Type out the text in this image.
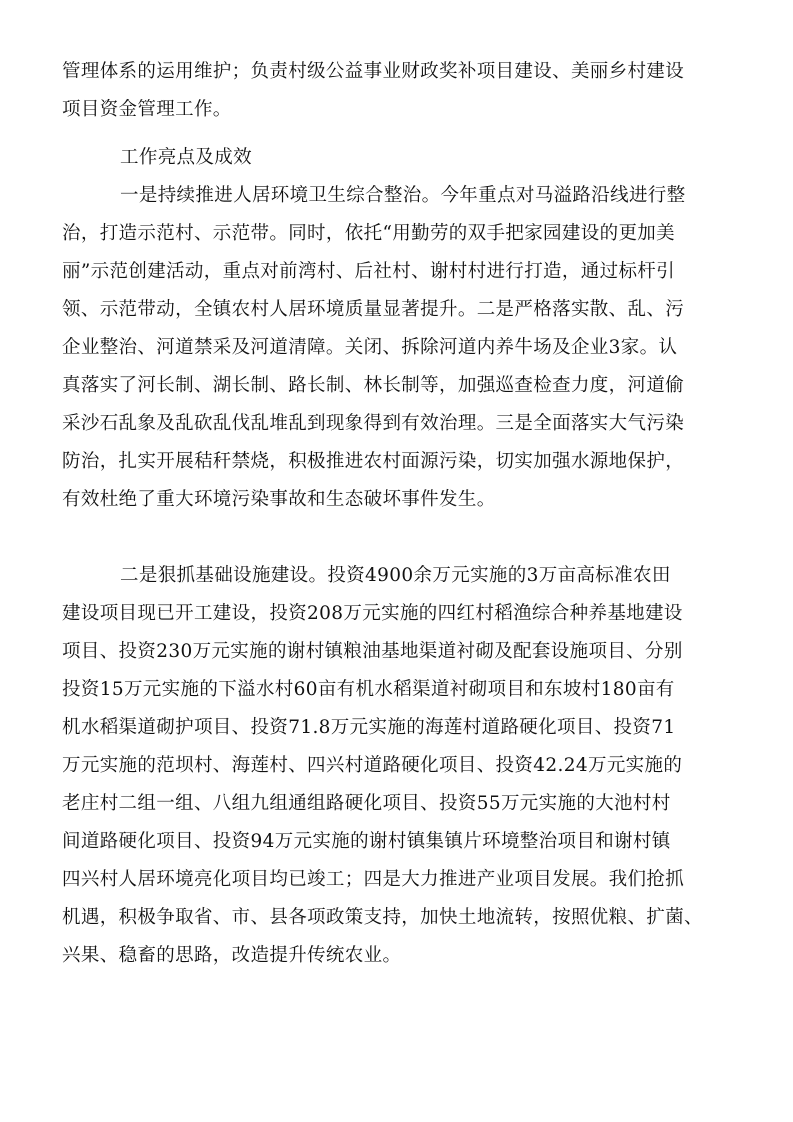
管理体系的运用维护；负责村级公益事业财政奖补项目建设、美丽乡村建设
项目资金管理工作。
工作亮点及成效
一是持续推进人居环境卫生综合整治。今年重点对马溢路沿线进行整
治，打造示范村、示范带。同时，依托“用勤劳的双手把家园建设的更加美
丽”示范创建活动，重点对前湾村、后社村、谢村村进行打造，通过标杆引
领、示范带动，全镇农村人居环境质量显著提升。二是严格落实散、乱、污
企业整治、河道禁采及河道清障。关闭、拆除河道内养牛场及企业3家。认
真落实了河长制、湖长制、路长制、林长制等，加强巡查检查力度，河道偷
采沙石乱象及乱砍乱伐乱堆乱到现象得到有效治理。三是全面落实大气污染
防治，扎实开展秸秆禁烧，积极推进农村面源污染，切实加强水源地保护，
有效杜绝了重大环境污染事故和生态破坏事件发生。
二是狠抓基础设施建设。投资4900余万元实施的3万亩高标准农田
建设项目现已开工建设，投资208万元实施的四红村稻渔综合种养基地建设
项目、投资230万元实施的谢村镇粮油基地渠道衬砌及配套设施项目、分别
投资15万元实施的下溢水村60亩有机水稻渠道衬砌项目和东坡村180亩有
机水稻渠道砌护项目、投资71.8万元实施的海莲村道路硬化项目、投资71
万元实施的范坝村、海莲村、四兴村道路硬化项目、投资42.24万元实施的
老庄村二组一组、八组九组通组路硬化项目、投资55万元实施的大池村村
间道路硬化项目、投资94万元实施的谢村镇集镇片环境整治项目和谢村镇
四兴村人居环境亮化项目均已竣工；四是大力推进产业项目发展。我们抢抓
机遇，积极争取省、市、县各项政策支持，加快土地流转，按照优粮、扩菌、
兴果、稳畜的思路，改造提升传统农业。
